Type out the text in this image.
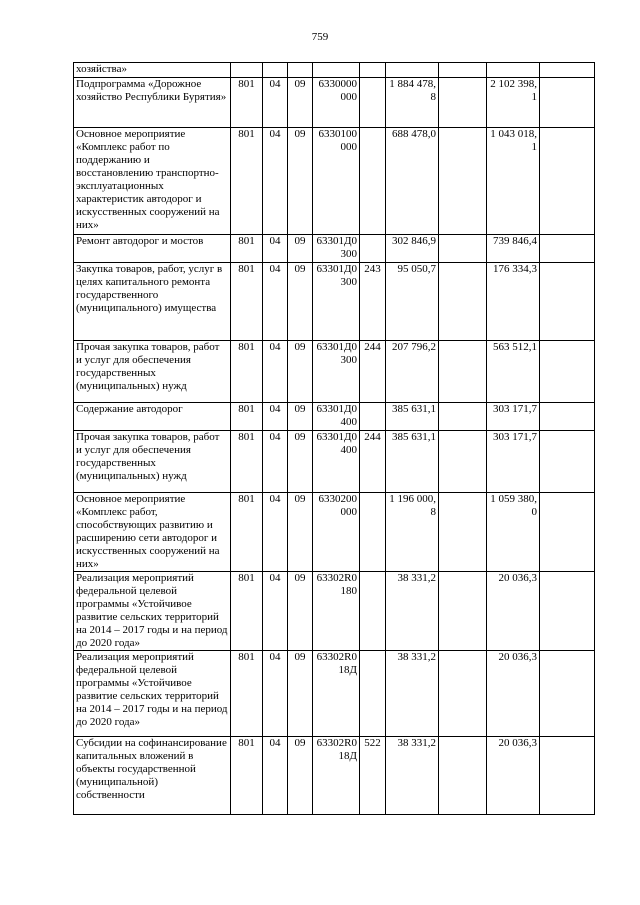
759
хозяйства»									
Подпрограмма «Дорожное хозяйство Республики Бурятия»	801	04	09	6330000000		1 884 478,8		2 102 398,1	
Основное мероприятие «Комплекс работ по поддержанию и восстановлению транспортно-эксплуатационных характеристик автодорог и искусственных сооружений на них»	801	04	09	6330100000		688 478,0		1 043 018,1	
Ремонт автодорог и мостов	801	04	09	63301Д0300		302 846,9		739 846,4	
Закупка товаров, работ, услуг в целях капитального ремонта государственного (муниципального) имущества	801	04	09	63301Д0300	243	95 050,7		176 334,3	
Прочая закупка товаров, работ и услуг для обеспечения государственных (муниципальных) нужд	801	04	09	63301Д0300	244	207 796,2		563 512,1	
Содержание автодорог	801	04	09	63301Д0400		385 631,1		303 171,7	
Прочая закупка товаров, работ и услуг для обеспечения государственных (муниципальных) нужд	801	04	09	63301Д0400	244	385 631,1		303 171,7	
Основное мероприятие «Комплекс работ, способствующих развитию и расширению сети автодорог и искусственных сооружений на них»	801	04	09	6330200000		1 196 000,8		1 059 380,0	
Реализация мероприятий федеральной целевой программы «Устойчивое развитие сельских территорий на 2014 – 2017 годы и на период до 2020 года»	801	04	09	63302R0180		38 331,2		20 036,3	
Реализация мероприятий федеральной целевой программы «Устойчивое развитие сельских территорий на 2014 – 2017 годы и на период до 2020 года»	801	04	09	63302R018Д		38 331,2		20 036,3	
Субсидии на софинансирование капитальных вложений в объекты государственной (муниципальной) собственности	801	04	09	63302R018Д	522	38 331,2		20 036,3	
